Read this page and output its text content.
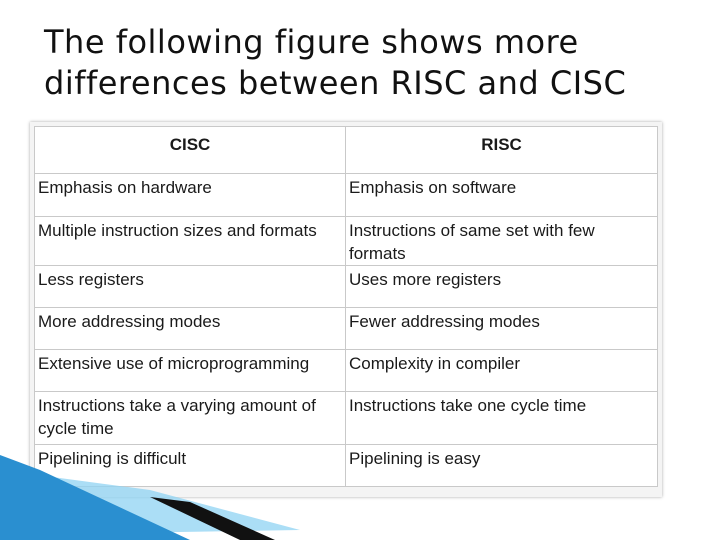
The following figure shows more
differences between RISC and CISC
CISC	RISC
Emphasis on hardware	Emphasis on software
Multiple instruction sizes and formats	Instructions of same set with few formats
Less registers	Uses more registers
More addressing modes	Fewer addressing modes
Extensive use of microprogramming	Complexity in compiler
Instructions take a varying amount of cycle time	Instructions take one cycle time
Pipelining is difficult	Pipelining is easy
